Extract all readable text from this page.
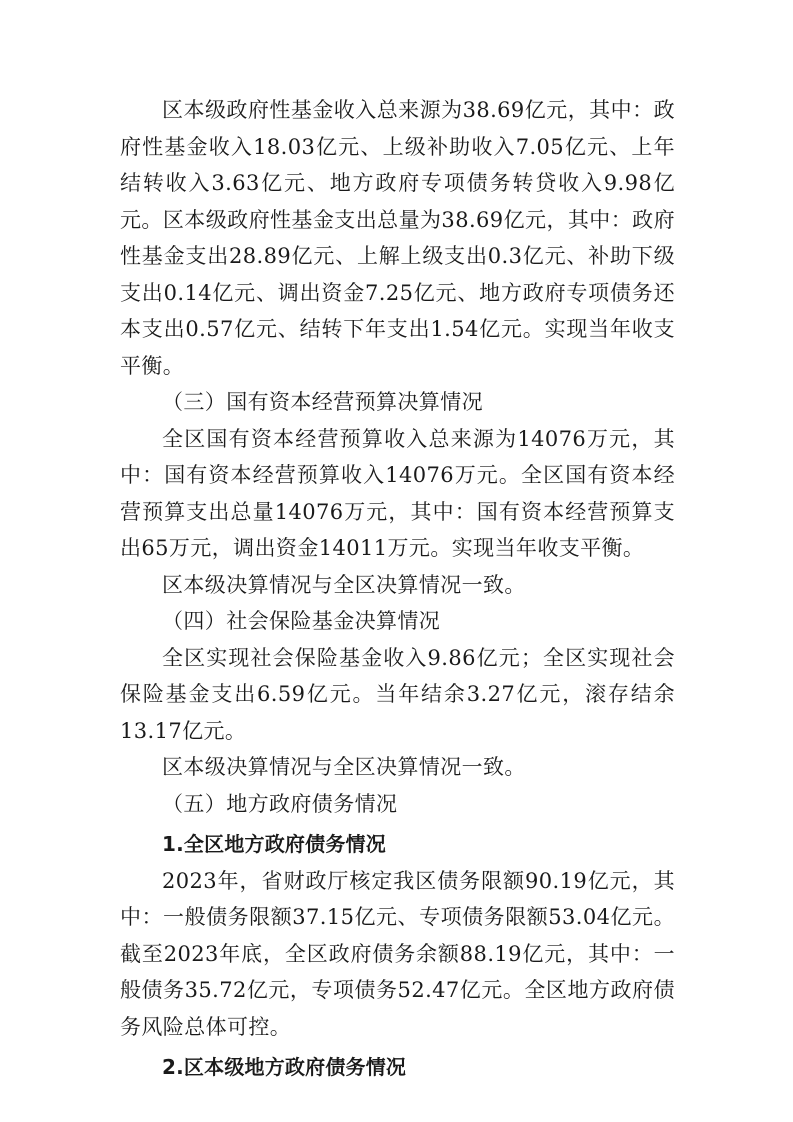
区本级政府性基金收入总来源为38.69亿元，其中：政府性基金收入18.03亿元、上级补助收入7.05亿元、上年结转收入3.63亿元、地方政府专项债务转贷收入9.98亿元。区本级政府性基金支出总量为38.69亿元，其中：政府性基金支出28.89亿元、上解上级支出0.3亿元、补助下级支出0.14亿元、调出资金7.25亿元、地方政府专项债务还本支出0.57亿元、结转下年支出1.54亿元。实现当年收支平衡。

（三）国有资本经营预算决算情况

全区国有资本经营预算收入总来源为14076万元，其中：国有资本经营预算收入14076万元。全区国有资本经营预算支出总量14076万元，其中：国有资本经营预算支出65万元，调出资金14011万元。实现当年收支平衡。

区本级决算情况与全区决算情况一致。

（四）社会保险基金决算情况

全区实现社会保险基金收入9.86亿元；全区实现社会保险基金支出6.59亿元。当年结余3.27亿元，滚存结余13.17亿元。

区本级决算情况与全区决算情况一致。

（五）地方政府债务情况

1.全区地方政府债务情况

2023年，省财政厅核定我区债务限额90.19亿元，其中：一般债务限额37.15亿元、专项债务限额53.04亿元。截至2023年底，全区政府债务余额88.19亿元，其中：一般债务35.72亿元，专项债务52.47亿元。全区地方政府债务风险总体可控。

2.区本级地方政府债务情况
